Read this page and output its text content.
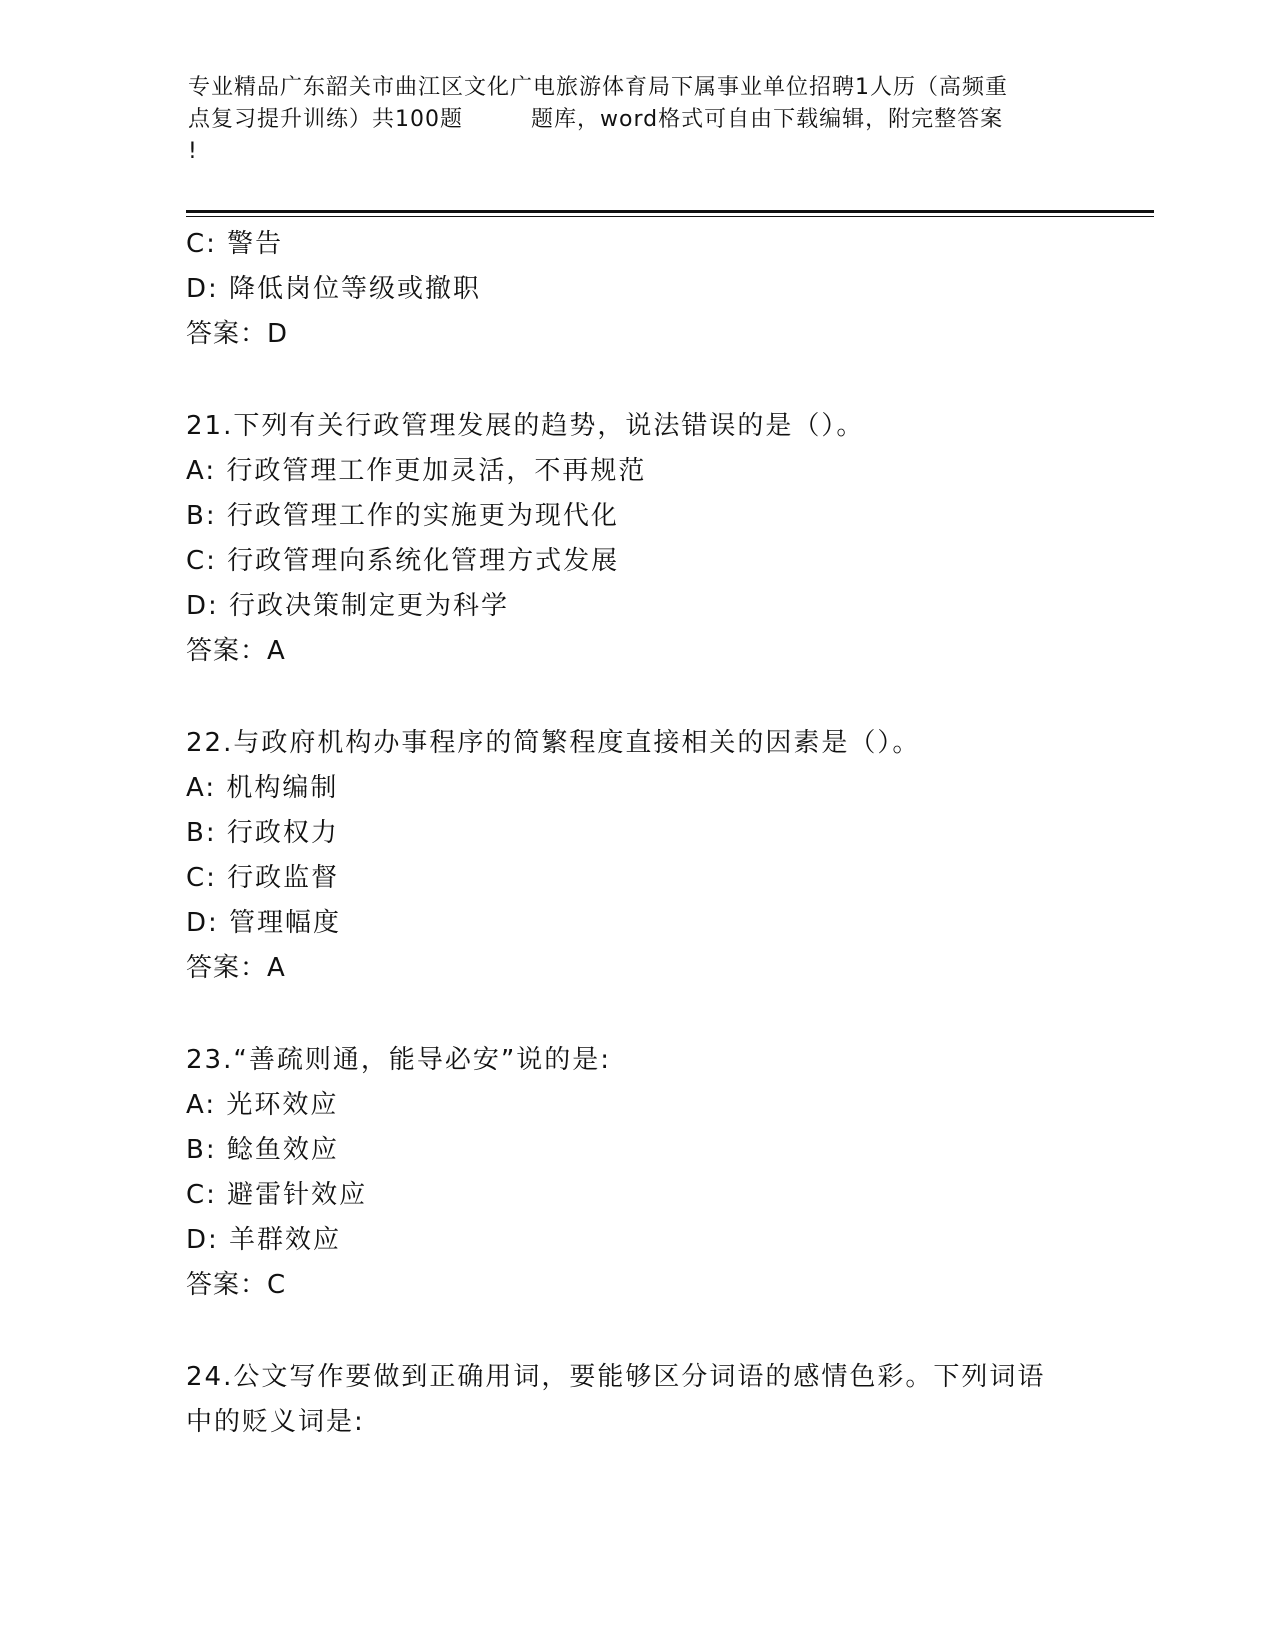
专业精品广东韶关市曲江区文化广电旅游体育局下属事业单位招聘1人历（高频重
点复习提升训练）共100题	题库，word格式可自由下载编辑，附完整答案
!
C: 警告
D: 降低岗位等级或撤职
答案：D
21.下列有关行政管理发展的趋势，说法错误的是（）。
A: 行政管理工作更加灵活，不再规范
B: 行政管理工作的实施更为现代化
C: 行政管理向系统化管理方式发展
D: 行政决策制定更为科学
答案：A
22.与政府机构办事程序的简繁程度直接相关的因素是（）。
A: 机构编制
B: 行政权力
C: 行政监督
D: 管理幅度
答案：A
23.“善疏则通，能导必安”说的是:
A: 光环效应
B: 鲶鱼效应
C: 避雷针效应
D: 羊群效应
答案：C
24.公文写作要做到正确用词，要能够区分词语的感情色彩。下列词语
中的贬义词是:
